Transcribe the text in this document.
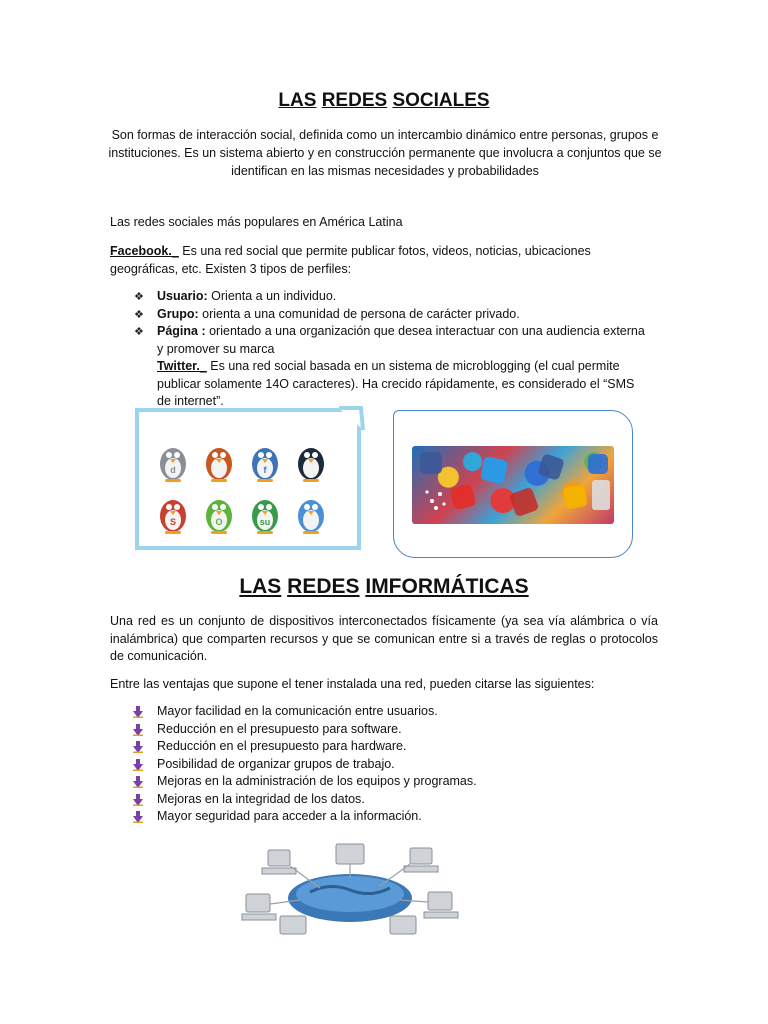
LAS REDES SOCIALES
Son formas de interacción social, definida como un intercambio dinámico entre personas, grupos e instituciones. Es un sistema abierto y en construcción permanente que involucra a conjuntos que se identifican en las mismas necesidades y probabilidades
Las redes sociales más populares en América Latina
Facebook._ Es una red social que permite publicar fotos, videos, noticias, ubicaciones geográficas, etc. Existen 3 tipos de perfiles:
❖ Usuario: Orienta a un individuo.
❖ Grupo: orienta a una comunidad de persona de carácter privado.
❖ Página : orientado a una organización que desea interactuar con una audiencia externa y promover su marca
Twitter._ Es una red social basada en un sistema de microblogging (el cual permite publicar solamente 14O caracteres). Ha crecido rápidamente, es considerado el “SMS de internet”.
d	f
S	O	su
LAS REDES IMFORMÁTICAS
Una red es un conjunto de dispositivos interconectados físicamente (ya sea vía alámbrica o vía inalámbrica) que comparten recursos y que se comunican entre si a través de reglas o protocolos de comunicación.
Entre las ventajas que supone el tener instalada una red, pueden citarse las siguientes:
Mayor facilidad en la comunicación entre usuarios.
Reducción en el presupuesto para software.
Reducción en el presupuesto para hardware.
Posibilidad de organizar grupos de trabajo.
Mejoras en la administración de los equipos y programas.
Mejoras en la integridad de los datos.
Mayor seguridad para acceder a la información.
